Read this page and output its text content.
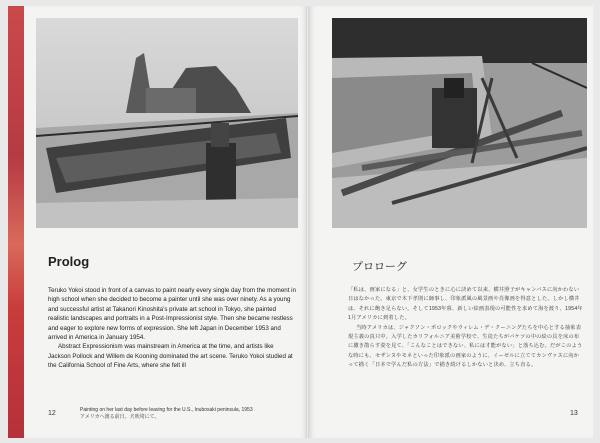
Prolog

Teruko Yokoi stood in front of a canvas to paint nearly every single day from the moment in high school when she decided to become a painter until she was over ninety. As a young and successful artist at Takanori Kinoshita’s private art school in Tokyo, she painted realistic landscapes and portraits in a Post-Impressionist style. Then she became restless and eager to explore new forms of expression. She left Japan in December 1953 and arrived in America in January 1954.

Abstract Expressionism was mainstream in America at the time, and artists like Jackson Pollock and Willem de Kooning dominated the art scene. Teruko Yokoi studied at the California School of Fine Arts, where she felt ill

12	Painting on her last day before leaving for the U.S., Inubosaki peninsula, 1953
アメリカへ渡る前日、犬吠埼にて。
プロローグ

「私は、画家になる」と、女学生のときに心に決めて以来、横井照子がキャンバスに向かわない日はなかった。東京で木下孝則に師事し、印象派風の風景画や肖像画を得意とした。しかし横井は、それに飽き足らない。そして1953年暮、新しい絵画表現の可能性を求めて海を渡り、1954年1月アメリカに到着した。

当時アメリカは、ジャクソン・ポロックやウィレム・デ・クーニングたちを中心とする抽象表現主義の真只中。入学したカリフォルニア美術学校で、生徒たちがバケツの中の絵の具を床の布に撒き散らす姿を見て、「こんなことはできない、私には才能がない」と落ち込む。だがこのような時にも、セザンヌやモネといった印象派の画家のように、イーゼルに立ててカンヴァスに向かって描く「日本で学んだ私の方法」で描き続けるしかないと決め、立ち直る。

13
